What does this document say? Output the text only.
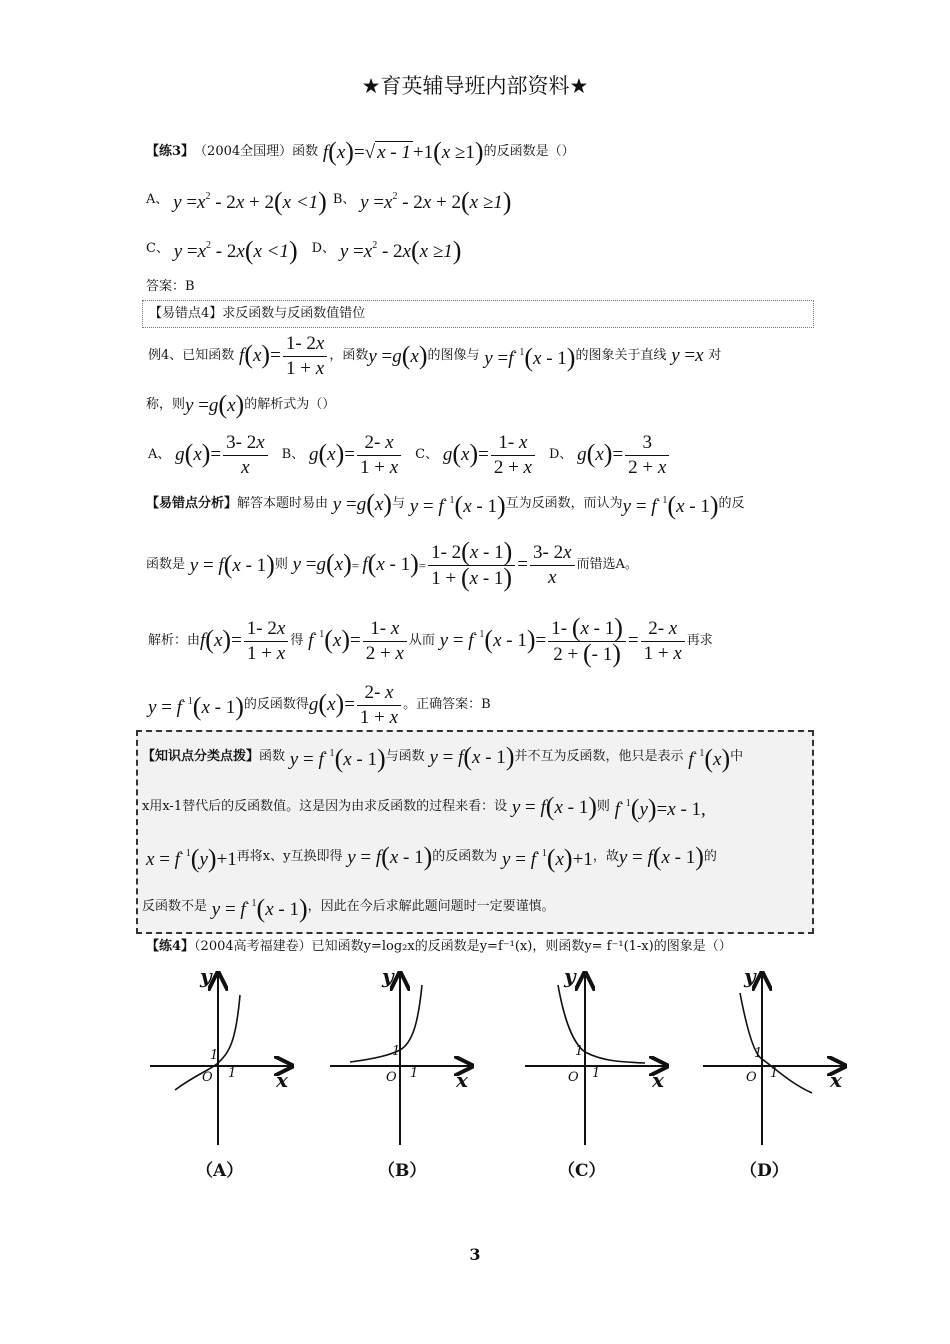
★育英辅导班内部资料★
【练3】 （2004全国理）函数 f(x)=√ x - 1 +1(x ≥1) 的反函数是（）
A、 $y =x^2 - 2x + 2(x <1)$ B、 $y =x^2 - 2x + 2(x \ge 1)$
C、 $y =x^2 - 2x(x <1)$ D、 $y =x^2 - 2x(x \ge 1)$
答案：B
【易错点4】求反函数与反函数值错位
例4、已知函数 $f(x)= \frac{1- 2x}{1 + x}$ ，函数 y =g(x) 的图像与 $y =f^{- 1}(x - 1)$ 的图象关于直线 y =x 对
称，则 y =g(x) 的解析式为（）
A、 $g(x)= \frac{3- 2x}{x}$ B、 $g(x)= \frac{2- x}{1 + x}$ C、 $g(x)= \frac{1- x}{2 + x}$ D、 $g(x)= \frac{3}{2 + x}$
【易错点分析】 解答本题时易由 y =g(x) 与 $y = f^{- 1}(x - 1)$ 互为反函数，而认为 $y = f^{- 1}(x - 1)$ 的反
函数是 y = f(x - 1) 则 $y =g(x)= f(x - 1)= \frac{1- 2(x - 1)}{1 + (x - 1)} = \frac{3- 2x}{x}$ 而错选A。
解析：由 $f(x)= \frac{1- 2x}{1 + x}$ 得 $f^{- 1}(x)= \frac{1- x}{2 + x}$ 从而 $y = f^{- 1}(x - 1)= \frac{1- (x - 1)}{2 + (- 1)} = \frac{2- x}{1 + x}$ 再求
$y = f^{- 1}(x - 1)$ 的反函数得 $g(x)= \frac{2- x}{1 + x}$ 。正确答案：B
【知识点分类点拨】 函数 $y = f^{- 1}(x - 1)$ 与函数 y = f(x - 1) 并不互为反函数，他只是表示 $f^{- 1}(x)$ 中
x用x-1替代后的反函数值。这是因为由求反函数的过程来看：设 y = f(x - 1) 则 $f^{- 1}(y)=x - 1$,
$x = f^{- 1}(y)+1$ 再将x、y互换即得 y = f(x - 1) 的反函数为 $y = f^{- 1}(x)+1$ ，故 y = f(x - 1) 的
反函数不是 $y = f^{- 1}(x - 1)$ ，因此在今后求解此题问题时一定要谨慎。
【练4】（2004高考福建卷）已知函数y=log₂x的反函数是y=f⁻¹(x)，则函数y= f⁻¹(1-x)的图象是（）
y
x
O 1
1
y
x
O 1
1
y
x
O 1
1
y
x
O 1
1
（A）	（B）	（C）	（D）
3
